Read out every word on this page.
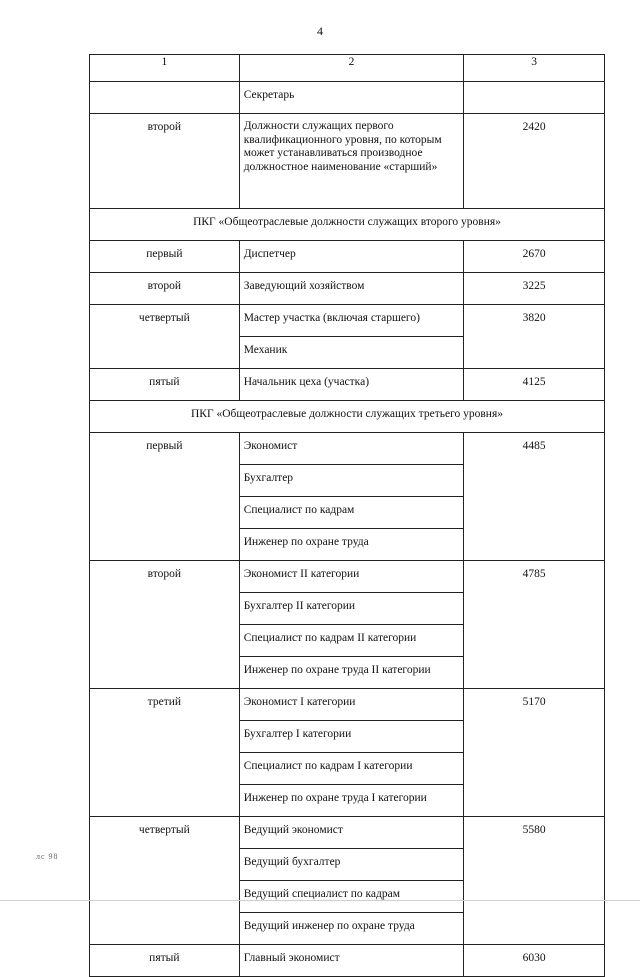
4
1	2	3
	Секретарь	
второй	Должности служащих первого квалификационного уровня, по которым может устанавливаться производное должностное наименование «старший»	2420
ПКГ «Общеотраслевые должности служащих второго уровня»		
первый	Диспетчер	2670
второй	Заведующий хозяйством	3225
четвертый	Мастер участка (включая старшего)	3820
	Механик	
пятый	Начальник цеха (участка)	4125
ПКГ «Общеотраслевые должности служащих третьего уровня»		
первый	Экономист	4485
	Бухгалтер	
	Специалист по кадрам	
	Инженер по охране труда	
второй	Экономист II категории	4785
	Бухгалтер II категории	
	Специалист по кадрам II категории	
	Инженер по охране труда II категории	
третий	Экономист I категории	5170
	Бухгалтер I категории	
	Специалист по кадрам I категории	
	Инженер по охране труда I категории	
четвертый	Ведущий экономист	5580
	Ведущий бухгалтер	
	Ведущий специалист по кадрам	
	Ведущий инженер по охране труда	
пятый	Главный экономист	6030
лс 98
